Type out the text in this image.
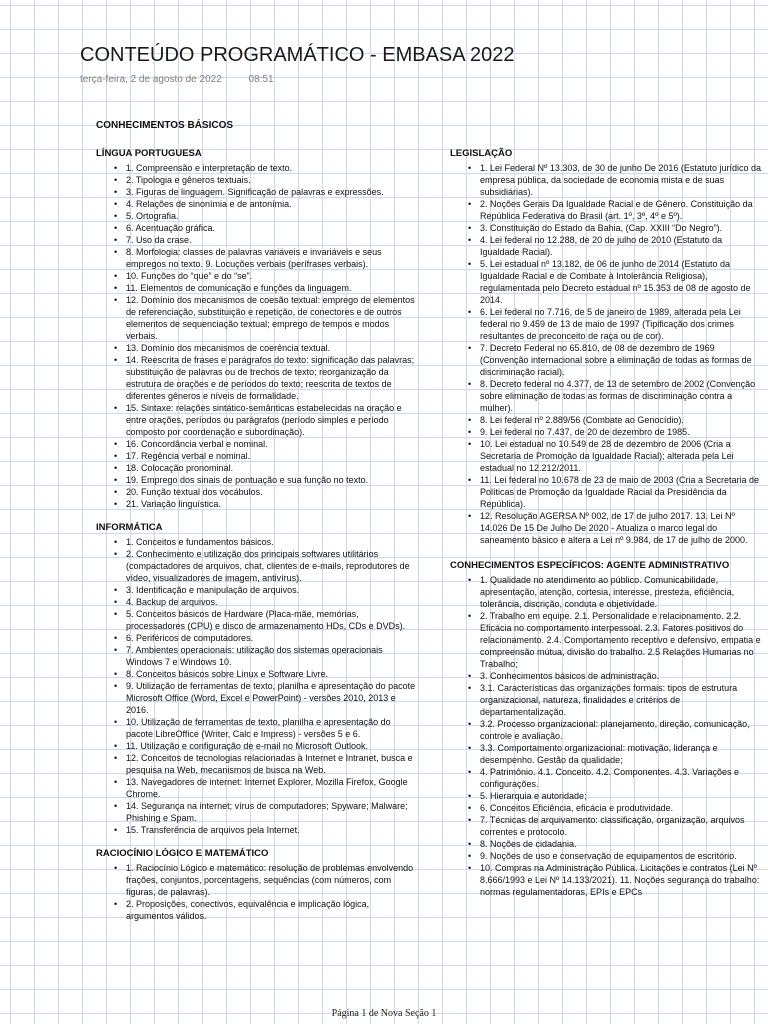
CONTEÚDO PROGRAMÁTICO - EMBASA 2022
terça-feira, 2 de agosto de 2022	08:51
CONHECIMENTOS BÁSICOS
LÍNGUA PORTUGUESA
• 1. Compreensão e interpretação de texto.
• 2. Tipologia e gêneros textuais.
• 3. Figuras de linguagem. Significação de palavras e expressões.
• 4. Relações de sinonímia e de antonímia.
• 5. Ortografia.
• 6. Acentuação gráfica.
• 7. Uso da crase.
• 8. Morfologia: classes de palavras variáveis e invariáveis e seus empregos no texto. 9. Locuções verbais (perífrases verbais).
• 10. Funções do “que” e do “se”.
• 11. Elementos de comunicação e funções da linguagem.
• 12. Domínio dos mecanismos de coesão textual: emprego de elementos de referenciação, substituição e repetição, de conectores e de outros elementos de sequenciação textual; emprego de tempos e modos verbais.
• 13. Domínio dos mecanismos de coerência textual.
• 14. Reescrita de frases e parágrafos do texto: significação das palavras; substituição de palavras ou de trechos de texto; reorganização da estrutura de orações e de períodos do texto; reescrita de textos de diferentes gêneros e níveis de formalidade.
• 15. Sintaxe: relações sintático-semânticas estabelecidas na oração e entre orações, períodos ou parágrafos (período simples e período composto por coordenação e subordinação).
• 16. Concordância verbal e nominal.
• 17. Regência verbal e nominal.
• 18. Colocação pronominal.
• 19. Emprego dos sinais de pontuação e sua função no texto.
• 20. Função textual dos vocábulos.
• 21. Variação linguística.
INFORMÁTICA
• 1. Conceitos e fundamentos básicos.
• 2. Conhecimento e utilização dos principais softwares utilitários (compactadores de arquivos, chat, clientes de e-mails, reprodutores de vídeo, visualizadores de imagem, antivírus).
• 3. Identificação e manipulação de arquivos.
• 4. Backup de arquivos.
• 5. Conceitos básicos de Hardware (Placa-mãe, memórias, processadores (CPU) e disco de armazenamento HDs, CDs e DVDs).
• 6. Periféricos de computadores.
• 7. Ambientes operacionais: utilização dos sistemas operacionais Windows 7 e Windows 10.
• 8. Conceitos básicos sobre Linux e Software Livre.
• 9. Utilização de ferramentas de texto, planilha e apresentação do pacote Microsoft Office (Word, Excel e PowerPoint) - versões 2010, 2013 e 2016.
• 10. Utilização de ferramentas de texto, planilha e apresentação do pacote LibreOffice (Writer, Calc e Impress) - versões 5 e 6.
• 11. Utilização e configuração de e-mail no Microsoft Outlook.
• 12. Conceitos de tecnologias relacionadas à Internet e Intranet, busca e pesquisa na Web, mecanismos de busca na Web.
• 13. Navegadores de internet: Internet Explorer, Mozilla Firefox, Google Chrome.
• 14. Segurança na internet; vírus de computadores; Spyware; Malware; Phishing e Spam.
• 15. Transferência de arquivos pela Internet.
RACIOCÍNIO LÓGICO E MATEMÁTICO
• 1. Raciocínio Lógico e matemático: resolução de problemas envolvendo frações, conjuntos, porcentagens, sequências (com números, com figuras, de palavras).
• 2. Proposições, conectivos, equivalência e implicação lógica, argumentos válidos.
LEGISLAÇÃO
• 1. Lei Federal Nº 13.303, de 30 de junho De 2016 (Estatuto jurídico da empresa pública, da sociedade de economia mista e de suas subsidiárias).
• 2. Noções Gerais Da Igualdade Racial e de Gênero. Constituição da República Federativa do Brasil (art. 1º, 3º, 4º e 5º).
• 3. Constituição do Estado da Bahia, (Cap. XXIII “Do Negro”).
• 4. Lei federal no 12.288, de 20 de julho de 2010 (Estatuto da Igualdade Racial).
• 5. Lei estadual nº 13.182, de 06 de junho de 2014 (Estatuto da Igualdade Racial e de Combate à Intolerância Religiosa), regulamentada pelo Decreto estadual nº 15.353 de 08 de agosto de 2014.
• 6. Lei federal no 7.716, de 5 de janeiro de 1989, alterada pela Lei federal no 9.459 de 13 de maio de 1997 (Tipificação dos crimes resultantes de preconceito de raça ou de cor).
• 7. Decreto Federal no 65.810, de 08 de dezembro de 1969 (Convenção internacional sobre a eliminação de todas as formas de discriminação racial).
• 8. Decreto federal no 4.377, de 13 de setembro de 2002 (Convenção sobre eliminação de todas as formas de discriminação contra a mulher).
• 8. Lei federal nº 2.889/56 (Combate ao Genocídio).
• 9. Lei federal no 7.437, de 20 de dezembro de 1985.
• 10. Lei estadual no 10.549 de 28 de dezembro de 2006 (Cria a Secretaria de Promoção da Igualdade Racial); alterada pela Lei estadual no 12.212/2011.
• 11. Lei federal no 10.678 de 23 de maio de 2003 (Cria a Secretaria de Políticas de Promoção da Igualdade Racial da Presidência da República).
• 12. Resolução AGERSA Nº 002, de 17 de julho 2017. 13. Lei Nº 14.026 De 15 De Julho De 2020 - Atualiza o marco legal do saneamento básico e altera a Lei nº 9.984, de 17 de julho de 2000.
CONHECIMENTOS ESPECÍFICOS: AGENTE ADMINISTRATIVO
• 1. Qualidade no atendimento ao público. Comunicabilidade, apresentação, atenção, cortesia, interesse, presteza, eficiência, tolerância, discrição, conduta e objetividade.
• 2. Trabalho em equipe. 2.1. Personalidade e relacionamento. 2.2. Eficácia no comportamento interpessoal. 2.3. Fatores positivos do relacionamento. 2.4. Comportamento receptivo e defensivo, empatia e compreensão mútua, divisão do trabalho. 2.5 Relações Humanas no Trabalho;
• 3. Conhecimentos básicos de administração.
• 3.1. Características das organizações formais: tipos de estrutura organizacional, natureza, finalidades e critérios de departamentalização.
• 3.2. Processo organizacional: planejamento, direção, comunicação, controle e avaliação.
• 3.3. Comportamento organizacional: motivação, liderança e desempenho. Gestão da qualidade;
• 4. Patrimônio. 4.1. Conceito. 4.2. Componentes. 4.3. Variações e configurações.
• 5. Hierarquia e autoridade;
• 6. Conceitos Eficiência, eficácia e produtividade.
• 7. Técnicas de arquivamento: classificação, organização, arquivos correntes e protocolo.
• 8. Noções de cidadania.
• 9. Noções de uso e conservação de equipamentos de escritório.
• 10. Compras na Administração Pública. Licitações e contratos (Lei Nº 8.666/1993 e Lei Nº 14.133/2021). 11. Noções segurança do trabalho: normas regulamentadoras, EPIs e EPCs
Página 1 de Nova Seção 1
